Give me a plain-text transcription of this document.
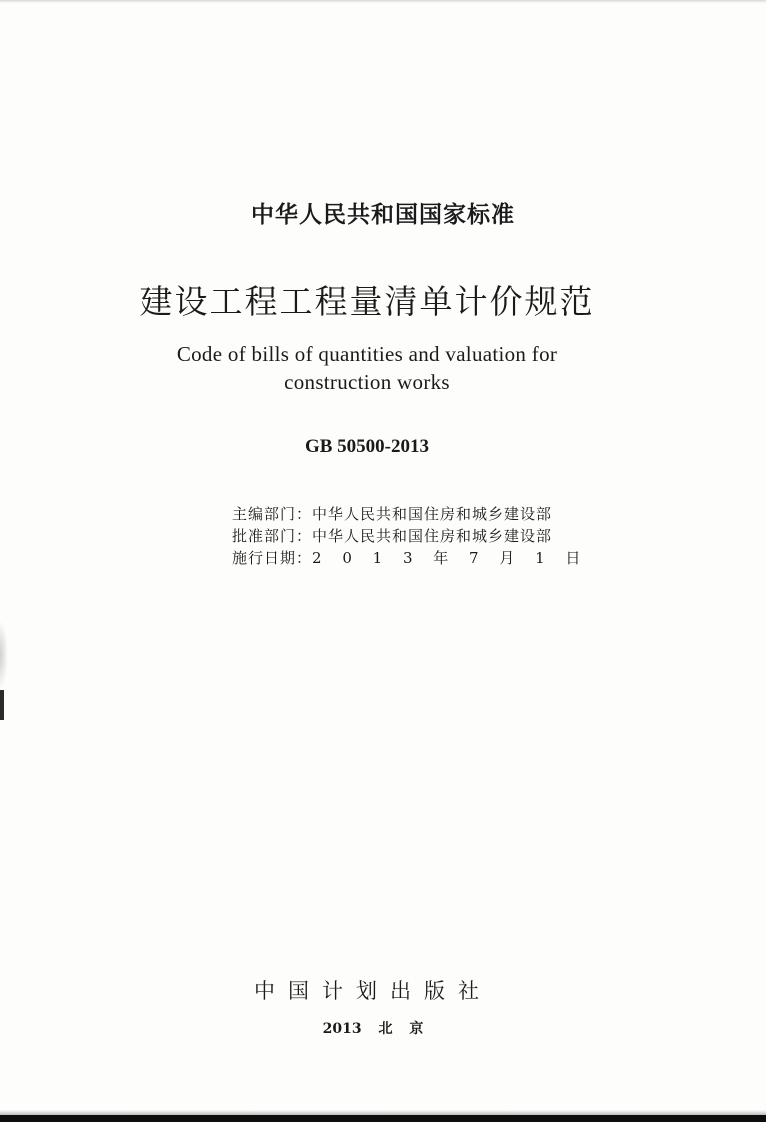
中华人民共和国国家标准
建设工程工程量清单计价规范
Code of bills of quantities and valuation for
construction works
GB 50500-2013
主编部门： 中华人民共和国住房和城乡建设部
批准部门： 中华人民共和国住房和城乡建设部
施行日期： 2 0 1 3 年 7 月 1 日
中国计划出版社
2013 北 京
